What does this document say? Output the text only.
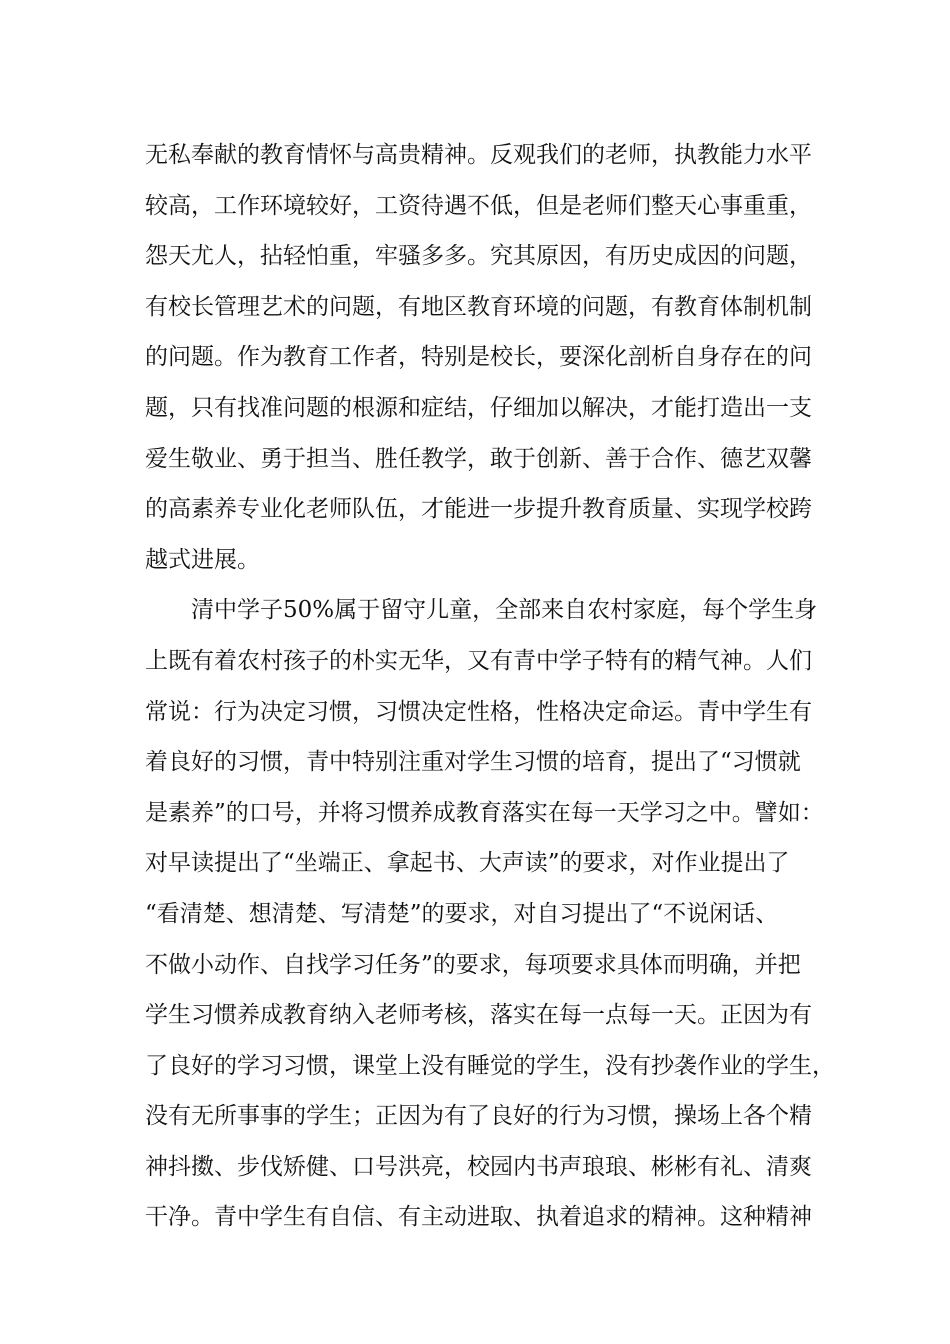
无私奉献的教育情怀与高贵精神。反观我们的老师，执教能力水平
较高，工作环境较好，工资待遇不低，但是老师们整天心事重重，
怨天尤人，拈轻怕重，牢骚多多。究其原因，有历史成因的问题，
有校长管理艺术的问题，有地区教育环境的问题，有教育体制机制
的问题。作为教育工作者，特别是校长，要深化剖析自身存在的问
题，只有找准问题的根源和症结，仔细加以解决，才能打造出一支
爱生敬业、勇于担当、胜任教学，敢于创新、善于合作、德艺双馨
的高素养专业化老师队伍，才能进一步提升教育质量、实现学校跨
越式进展。
清中学子50%属于留守儿童，全部来自农村家庭，每个学生身
上既有着农村孩子的朴实无华，又有青中学子特有的精气神。人们
常说：行为决定习惯，习惯决定性格，性格决定命运。青中学生有
着良好的习惯，青中特别注重对学生习惯的培育，提出了“习惯就
是素养”的口号，并将习惯养成教育落实在每一天学习之中。譬如：
对早读提出了“坐端正、拿起书、大声读”的要求，对作业提出了
“看清楚、想清楚、写清楚”的要求，对自习提出了“不说闲话、
不做小动作、自找学习任务”的要求，每项要求具体而明确，并把
学生习惯养成教育纳入老师考核，落实在每一点每一天。正因为有
了良好的学习习惯，课堂上没有睡觉的学生，没有抄袭作业的学生，
没有无所事事的学生；正因为有了良好的行为习惯，操场上各个精
神抖擞、步伐矫健、口号洪亮，校园内书声琅琅、彬彬有礼、清爽
干净。青中学生有自信、有主动进取、执着追求的精神。这种精神
